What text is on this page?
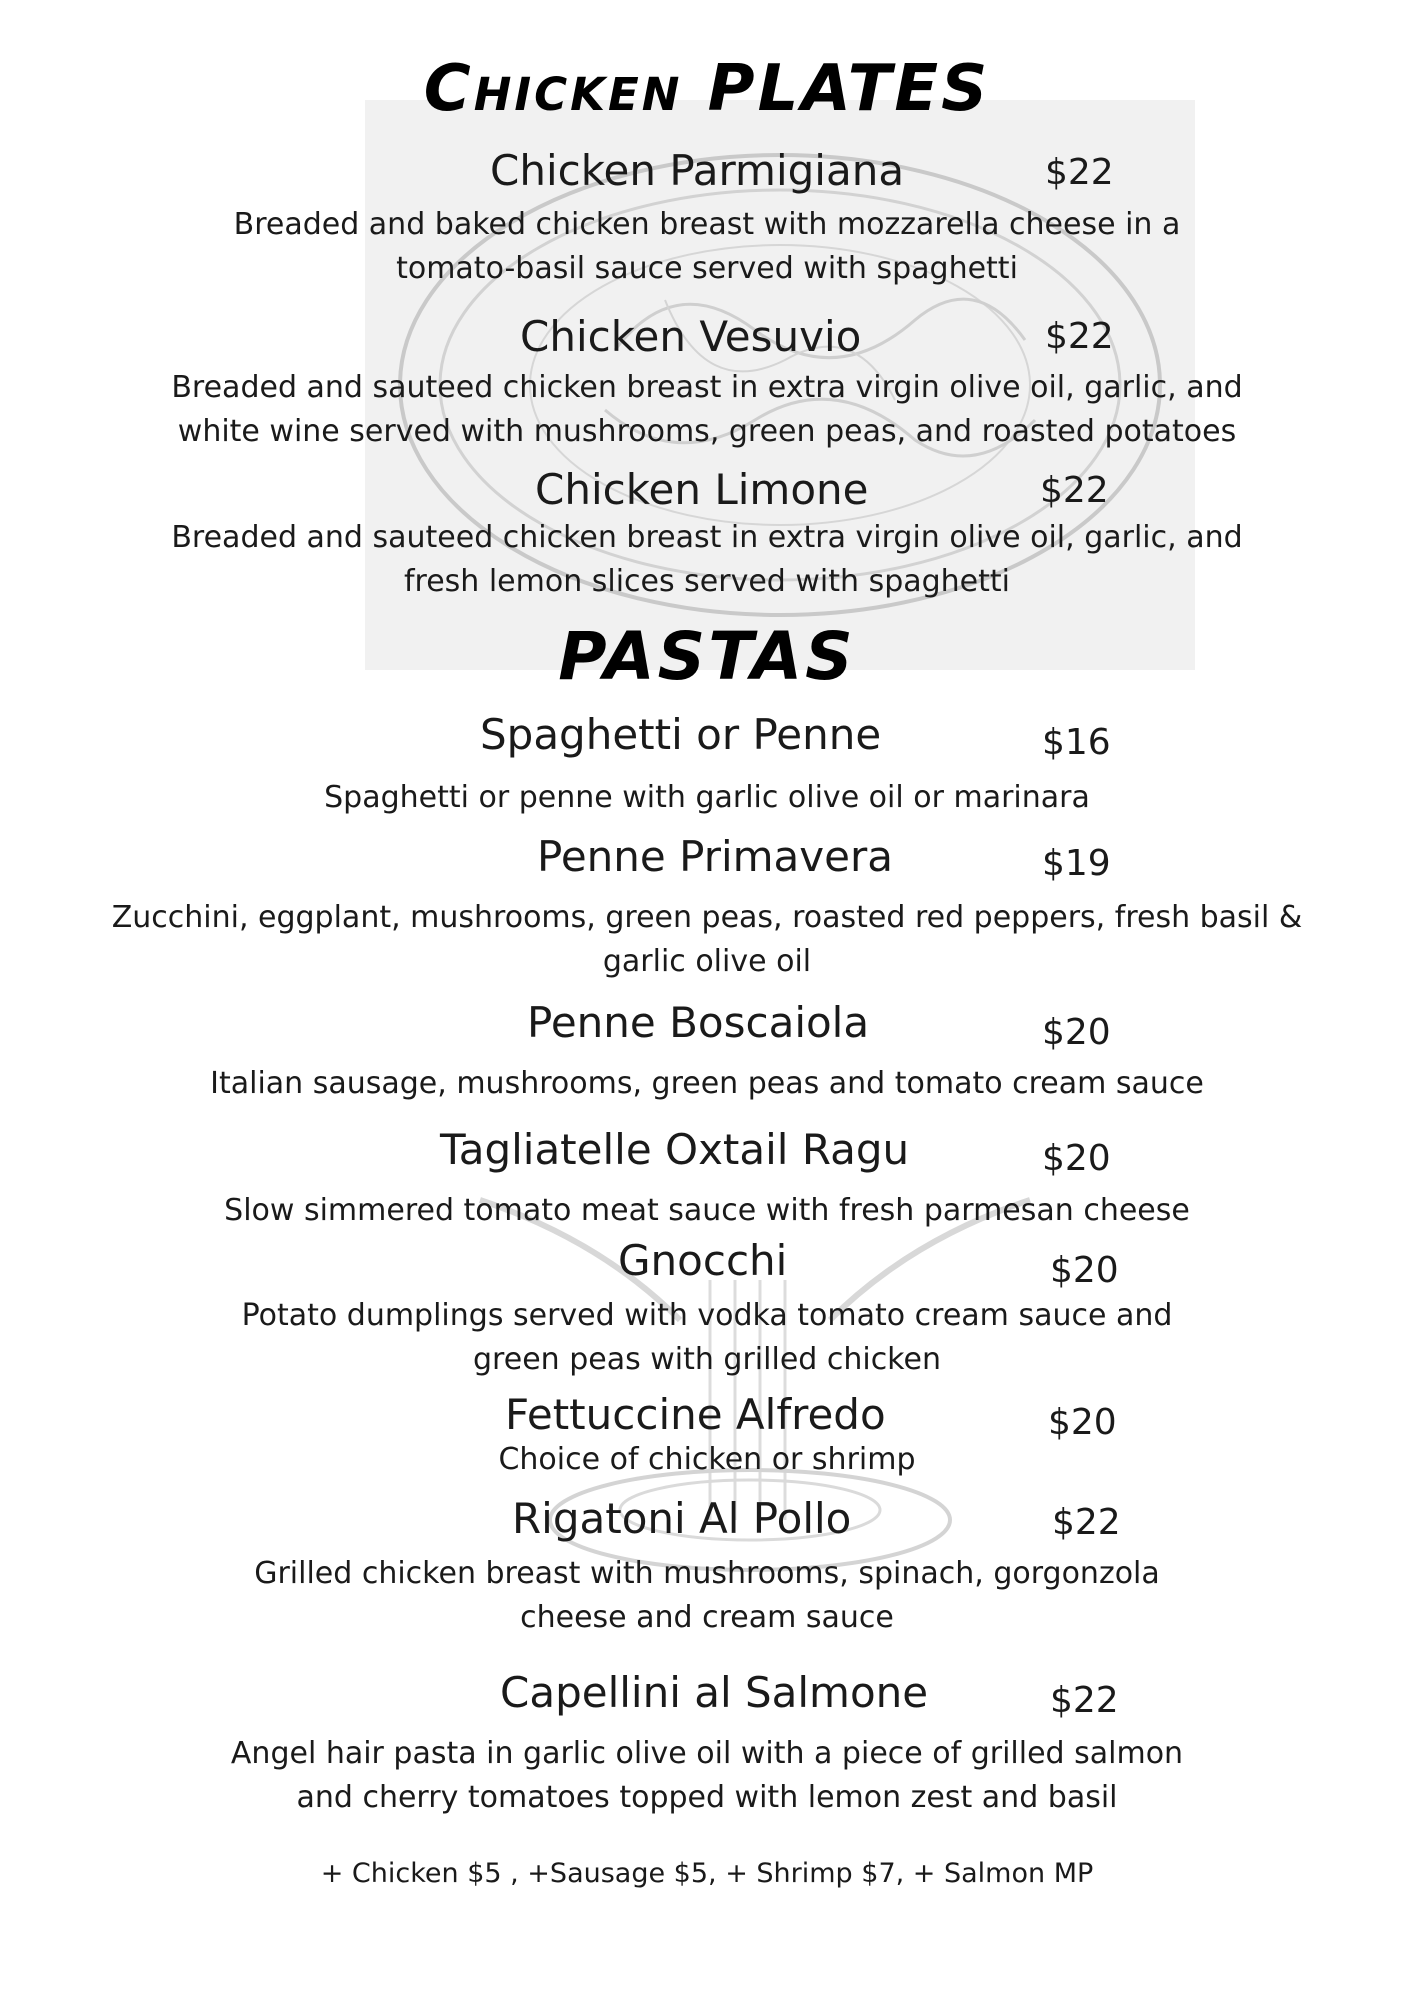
Chicken PLATES
Chicken Parmigiana	$22
Breaded and baked chicken breast with mozzarella cheese in a tomato-basil sauce served with spaghetti
Chicken Vesuvio	$22
Breaded and sauteed chicken breast in extra virgin olive oil, garlic, and white wine served with mushrooms, green peas, and roasted potatoes
Chicken Limone	$22
Breaded and sauteed chicken breast in extra virgin olive oil, garlic, and fresh lemon slices served with spaghetti
PASTAS
Spaghetti or Penne	$16
Spaghetti or penne with garlic olive oil or marinara
Penne Primavera	$19
Zucchini, eggplant, mushrooms, green peas, roasted red peppers, fresh basil & garlic olive oil
Penne Boscaiola	$20
Italian sausage, mushrooms, green peas and tomato cream sauce
Tagliatelle Oxtail Ragu	$20
Slow simmered tomato meat sauce with fresh parmesan cheese
Gnocchi	$20
Potato dumplings served with vodka tomato cream sauce and green peas with grilled chicken
Fettuccine Alfredo	$20
Choice of chicken or shrimp
Rigatoni Al Pollo	$22
Grilled chicken breast with mushrooms, spinach, gorgonzola cheese and cream sauce
Capellini al Salmone	$22
Angel hair pasta in garlic olive oil with a piece of grilled salmon and cherry tomatoes topped with lemon zest and basil
+ Chicken $5 , +Sausage $5, + Shrimp $7, + Salmon MP
